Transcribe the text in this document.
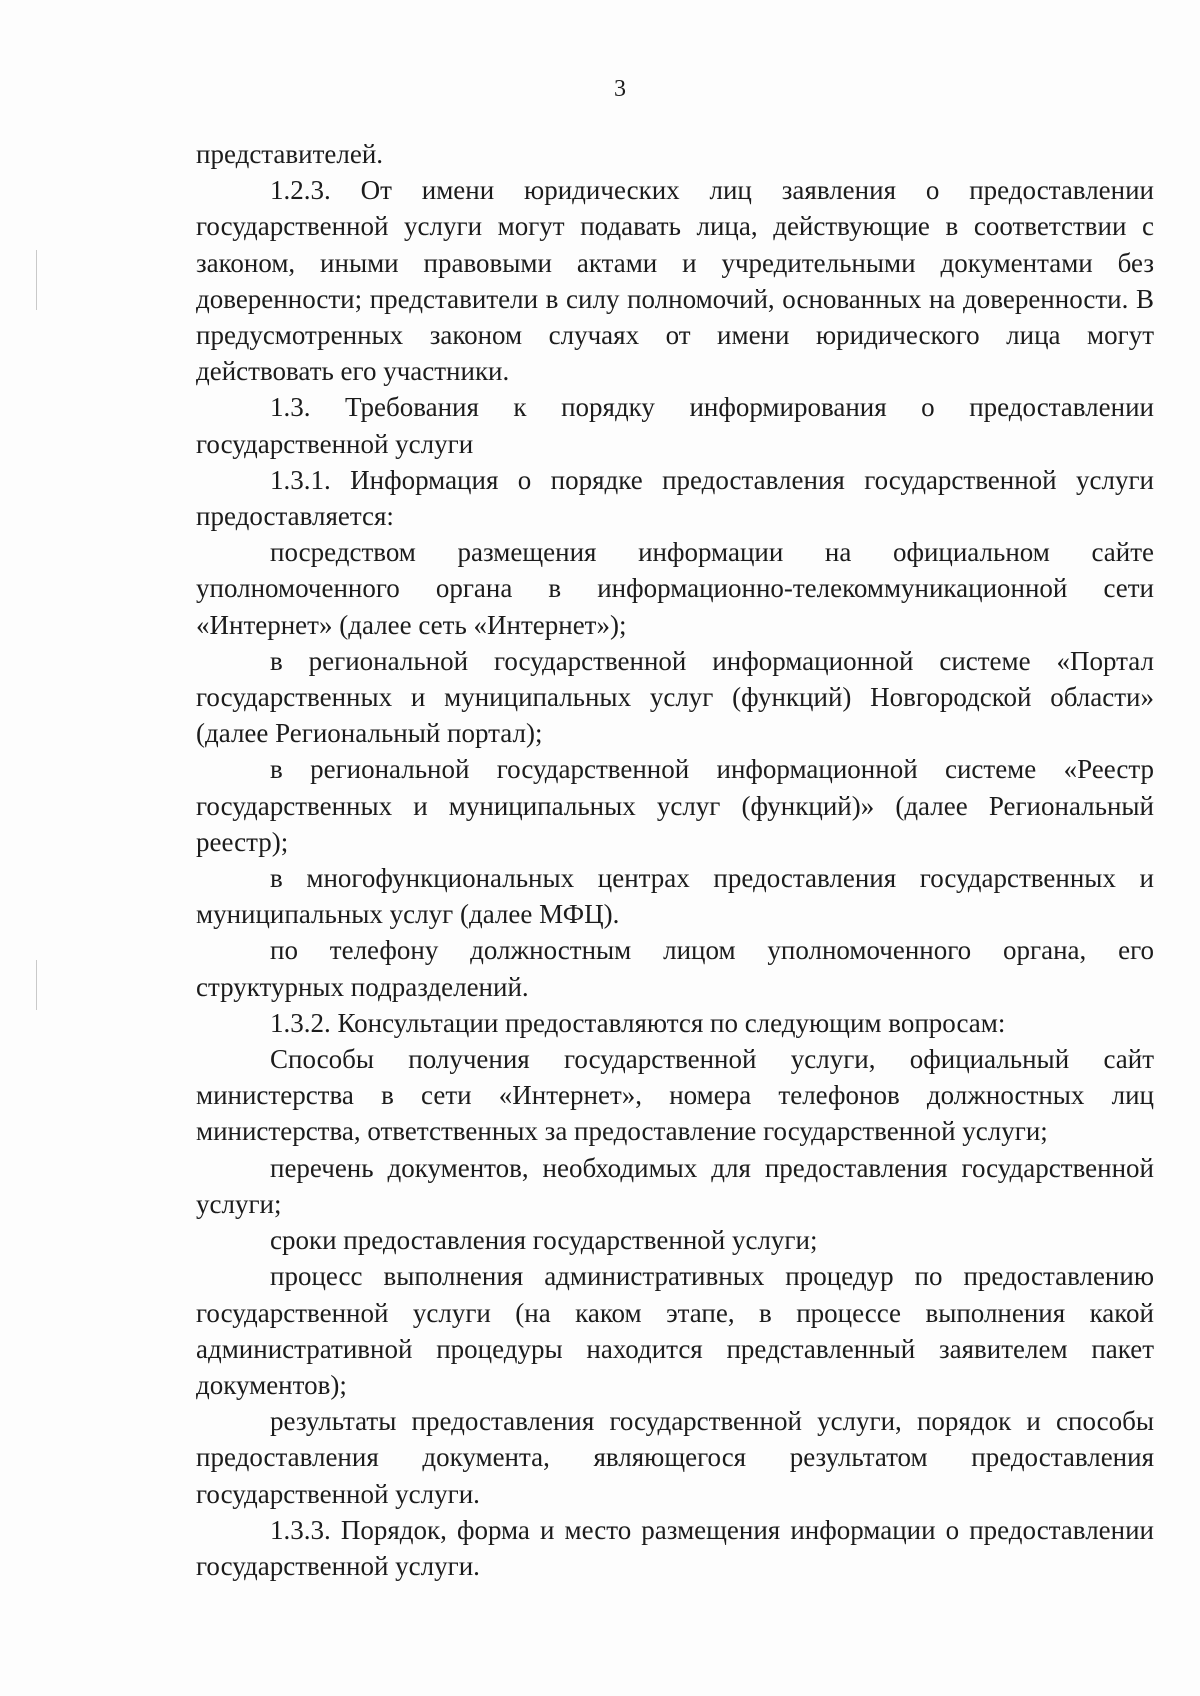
3

представителей.

1.2.3. От имени юридических лиц заявления о предоставлении государственной услуги могут подавать лица, действующие в соответствии с законом, иными правовыми актами и учредительными документами без доверенности; представители в силу полномочий, основанных на доверенности. В предусмотренных законом случаях от имени юридического лица могут действовать его участники.

1.3. Требования к порядку информирования о предоставлении государственной услуги

1.3.1. Информация о порядке предоставления государственной услуги предоставляется:

посредством размещения информации на официальном сайте уполномоченного органа в информационно-телекоммуникационной сети «Интернет» (далее сеть «Интернет»);

в региональной государственной информационной системе «Портал государственных и муниципальных услуг (функций) Новгородской области» (далее Региональный портал);

в региональной государственной информационной системе «Реестр государственных и муниципальных услуг (функций)» (далее Региональный реестр);

в многофункциональных центрах предоставления государственных и муниципальных услуг (далее МФЦ).

по телефону должностным лицом уполномоченного органа, его структурных подразделений.

1.3.2. Консультации предоставляются по следующим вопросам:

Способы получения государственной услуги, официальный сайт министерства в сети «Интернет», номера телефонов должностных лиц министерства, ответственных за предоставление государственной услуги;

перечень документов, необходимых для предоставления государственной услуги;

сроки предоставления государственной услуги;

процесс выполнения административных процедур по предоставлению государственной услуги (на каком этапе, в процессе выполнения какой административной процедуры находится представленный заявителем пакет документов);

результаты предоставления государственной услуги, порядок и способы предоставления документа, являющегося результатом предоставления государственной услуги.

1.3.3. Порядок, форма и место размещения информации о предоставлении государственной услуги.
